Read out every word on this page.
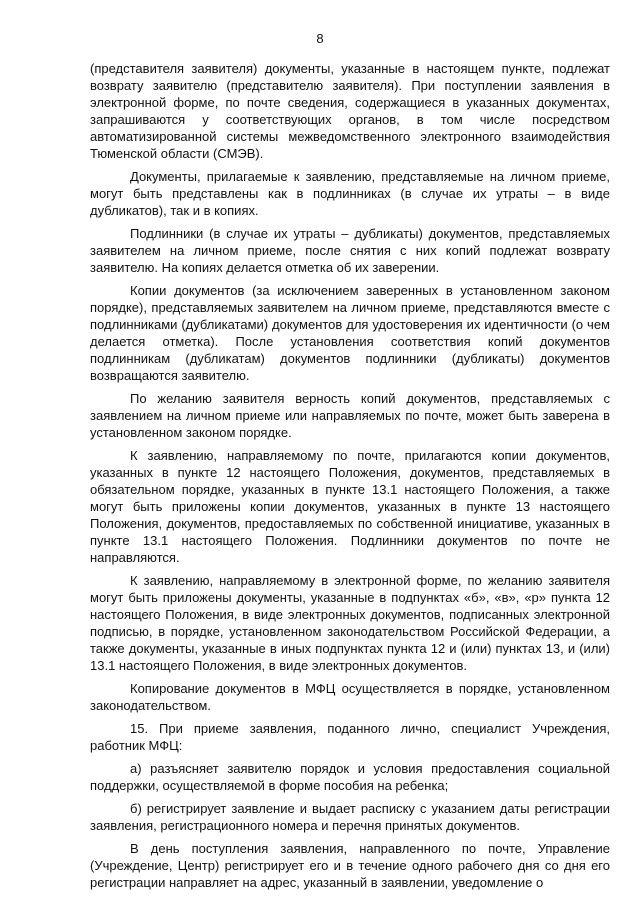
8

(представителя заявителя) документы, указанные в настоящем пункте, подлежат возврату заявителю (представителю заявителя). При поступлении заявления в электронной форме, по почте сведения, содержащиеся в указанных документах, запрашиваются у соответствующих органов, в том числе посредством автоматизированной системы межведомственного электронного взаимодействия Тюменской области (СМЭВ).

Документы, прилагаемые к заявлению, представляемые на личном приеме, могут быть представлены как в подлинниках (в случае их утраты – в виде дубликатов), так и в копиях.

Подлинники (в случае их утраты – дубликаты) документов, представляемых заявителем на личном приеме, после снятия с них копий подлежат возврату заявителю. На копиях делается отметка об их заверении.

Копии документов (за исключением заверенных в установленном законом порядке), представляемых заявителем на личном приеме, представляются вместе с подлинниками (дубликатами) документов для удостоверения их идентичности (о чем делается отметка). После установления соответствия копий документов подлинникам (дубликатам) документов подлинники (дубликаты) документов возвращаются заявителю.

По желанию заявителя верность копий документов, представляемых с заявлением на личном приеме или направляемых по почте, может быть заверена в установленном законом порядке.

К заявлению, направляемому по почте, прилагаются копии документов, указанных в пункте 12 настоящего Положения, документов, представляемых в обязательном порядке, указанных в пункте 13.1 настоящего Положения, а также могут быть приложены копии документов, указанных в пункте 13 настоящего Положения, документов, предоставляемых по собственной инициативе, указанных в пункте 13.1 настоящего Положения. Подлинники документов по почте не направляются.

К заявлению, направляемому в электронной форме, по желанию заявителя могут быть приложены документы, указанные в подпунктах «б», «в», «р» пункта 12 настоящего Положения, в виде электронных документов, подписанных электронной подписью, в порядке, установленном законодательством Российской Федерации, а также документы, указанные в иных подпунктах пункта 12 и (или) пунктах 13, и (или) 13.1 настоящего Положения, в виде электронных документов.

Копирование документов в МФЦ осуществляется в порядке, установленном законодательством.

15. При приеме заявления, поданного лично, специалист Учреждения, работник МФЦ:

а) разъясняет заявителю порядок и условия предоставления социальной поддержки, осуществляемой в форме пособия на ребенка;

б) регистрирует заявление и выдает расписку с указанием даты регистрации заявления, регистрационного номера и перечня принятых документов.

В день поступления заявления, направленного по почте, Управление (Учреждение, Центр) регистрирует его и в течение одного рабочего дня со дня его регистрации направляет на адрес, указанный в заявлении, уведомление о
